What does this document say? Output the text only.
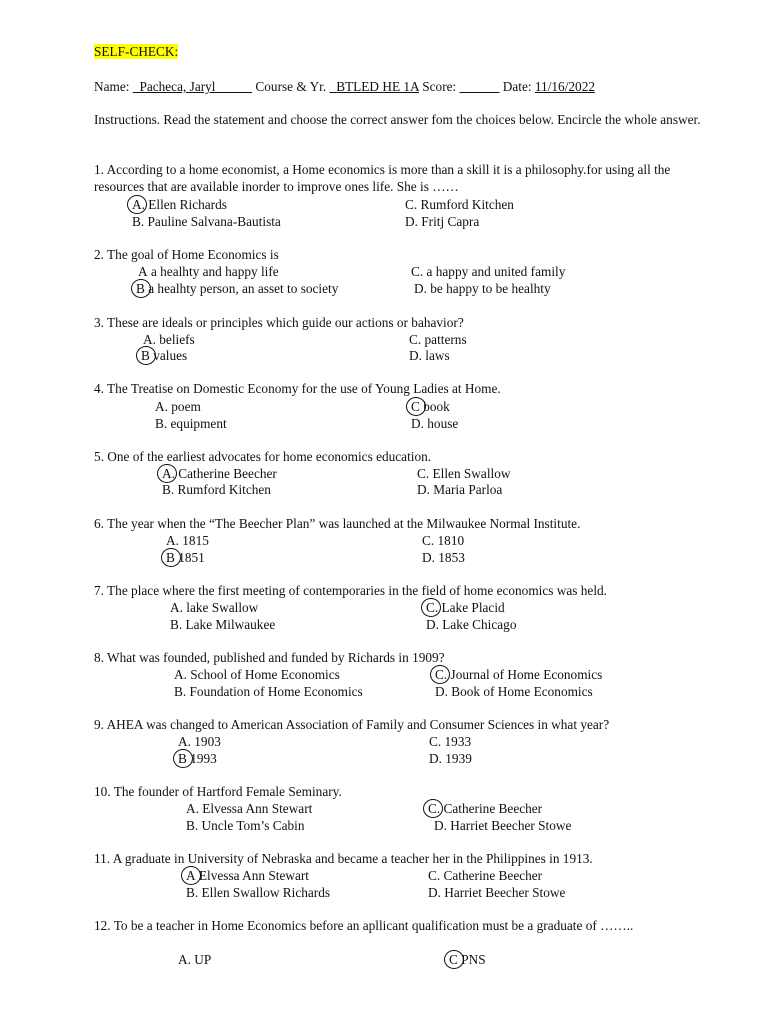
SELF-CHECK:
Name: Pacheca, Jaryl	Course & Yr. BTLED HE 1A Score:	Date: 11/16/2022
Instructions. Read the statement and choose the correct answer fom the choices below. Encircle the whole answer.
1. According to a home economist, a Home economics is more than a skill it is a philosophy.for using all the resources that are available inorder to improve ones life. She is ……
A. Ellen Richards
B. Pauline Salvana-Bautista
C. Rumford Kitchen
D. Fritj Capra
2. The goal of Home Economics is
A a healhty and happy life
B a healhty person, an asset to society
C. a happy and united family
D. be happy to be healhty
3. These are ideals or principles which guide our actions or bahavior?
A. beliefs
B values
C. patterns
D. laws
4. The Treatise on Domestic Economy for the use of Young Ladies at Home.
A. poem
B. equipment
C book
D. house
5. One of the earliest advocates for home economics education.
A. Catherine Beecher
B. Rumford Kitchen
C. Ellen Swallow
D. Maria Parloa
6. The year when the “The Beecher Plan” was launched at the Milwaukee Normal Institute.
A. 1815
B 1851
C. 1810
D. 1853
7. The place where the first meeting of contemporaries in the field of home economics was held.
A. lake Swallow
B. Lake Milwaukee
C. Lake Placid
D. Lake Chicago
8. What was founded, published and funded by Richards in 1909?
A. School of Home Economics
B. Foundation of Home Economics
C. Journal of Home Economics
D. Book of Home Economics
9. AHEA was changed to American Association of Family and Consumer Sciences in what year?
A. 1903
B 1993
C. 1933
D. 1939
10. The founder of Hartford Female Seminary.
A. Elvessa Ann Stewart
B. Uncle Tom’s Cabin
C. Catherine Beecher
D. Harriet Beecher Stowe
11. A graduate in University of Nebraska and became a teacher her in the Philippines in 1913.
A Elvessa Ann Stewart
B. Ellen Swallow Richards
C. Catherine Beecher
D. Harriet Beecher Stowe
12. To be a teacher in Home Economics before an apllicant qualification must be a graduate of ……..
A. UP	C PNS
